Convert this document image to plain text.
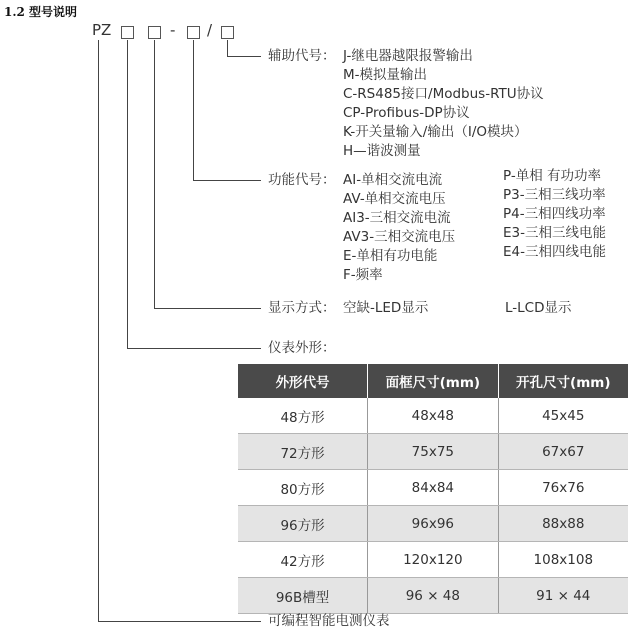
1.2 型号说明
PZ	- /
辅助代号： J-继电器越限报警输出
M-模拟量输出
C-RS485接口/Modbus-RTU协议
CP-Profibus-DP协议
K-开关量输入/输出（I/O模块）
H—谐波测量
功能代号： AI-单相交流电流
AV-单相交流电压
AI3-三相交流电流
AV3-三相交流电压
E-单相有功电能
F-频率
P-单相 有功功率
P3-三相三线功率
P4-三相四线功率
E3-三相三线电能
E4-三相四线电能
显示方式： 空缺-LED显示	L-LCD显示
仪表外形：
外形代号	面框尺寸(mm)	开孔尺寸(mm)
48方形	48x48	45x45
72方形	75x75	67x67
80方形	84x84	76x76
96方形	96x96	88x88
42方形	120x120	108x108
96B槽型	96 × 48	91 × 44
可编程智能电测仪表
